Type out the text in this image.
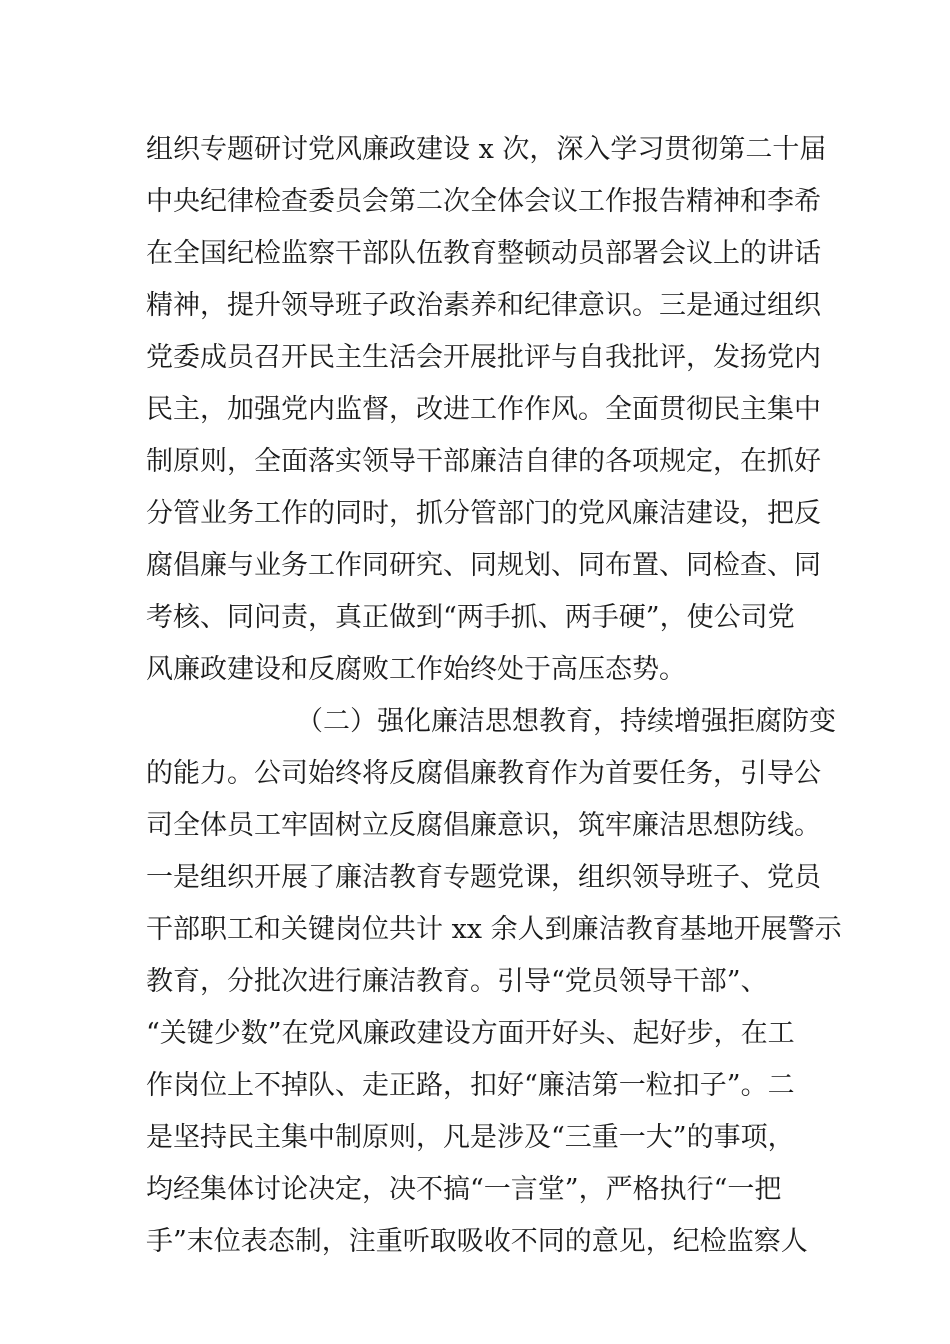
组织专题研讨党风廉政建设 x 次，深入学习贯彻第二十届
中央纪律检查委员会第二次全体会议工作报告精神和李希
在全国纪检监察干部队伍教育整顿动员部署会议上的讲话
精神，提升领导班子政治素养和纪律意识。三是通过组织
党委成员召开民主生活会开展批评与自我批评，发扬党内
民主，加强党内监督，改进工作作风。全面贯彻民主集中
制原则，全面落实领导干部廉洁自律的各项规定，在抓好
分管业务工作的同时，抓分管部门的党风廉洁建设，把反
腐倡廉与业务工作同研究、同规划、同布置、同检查、同
考核、同问责，真正做到“两手抓、两手硬”，使公司党
风廉政建设和反腐败工作始终处于高压态势。
（二）强化廉洁思想教育，持续增强拒腐防变
的能力。公司始终将反腐倡廉教育作为首要任务，引导公
司全体员工牢固树立反腐倡廉意识，筑牢廉洁思想防线。
一是组织开展了廉洁教育专题党课，组织领导班子、党员
干部职工和关键岗位共计 xx 余人到廉洁教育基地开展警示
教育，分批次进行廉洁教育。引导“党员领导干部”、
“关键少数”在党风廉政建设方面开好头、起好步，在工
作岗位上不掉队、走正路，扣好“廉洁第一粒扣子”。二
是坚持民主集中制原则，凡是涉及“三重一大”的事项，
均经集体讨论决定，决不搞“一言堂”，严格执行“一把
手”末位表态制，注重听取吸收不同的意见，纪检监察人
